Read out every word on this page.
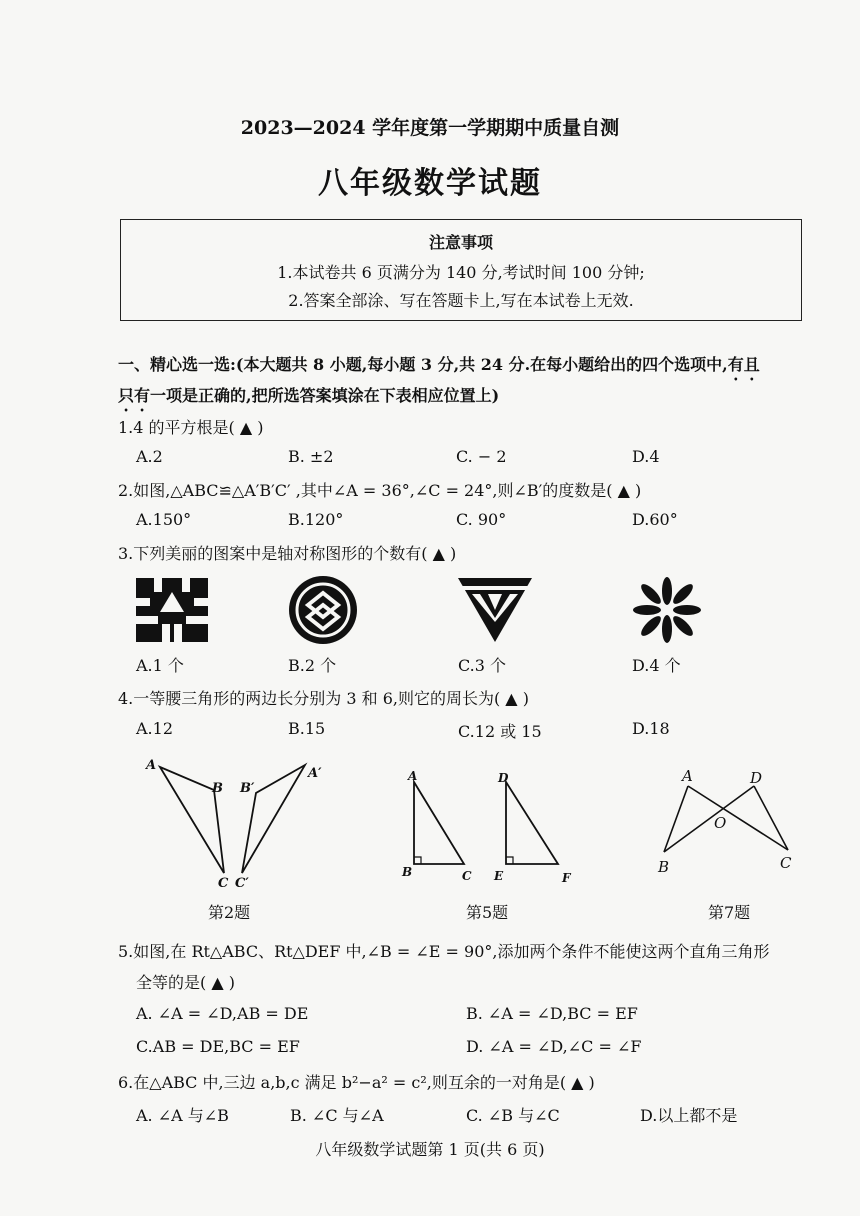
2023—2024 学年度第一学期期中质量自测
八年级数学试题
注意事项
1.本试卷共 6 页满分为 140 分,考试时间 100 分钟;
2.答案全部涂、写在答题卡上,写在本试卷上无效.
一、精心选一选:(本大题共 8 小题,每小题 3 分,共 24 分.在每小题给出的四个选项中,有且
只有一项是正确的,把所选答案填涂在下表相应位置上)
1.4 的平方根是( ▲ )
A.2	B. ±2	C. − 2	D.4
2.如图,△ABC≌△A′B′C′ ,其中∠A = 36°,∠C = 24°,则∠B′的度数是( ▲ )
A.150°	B.120°	C. 90°	D.60°
3.下列美丽的图案中是轴对称图形的个数有( ▲ )
A.1 个	B.2 个	C.3 个	D.4 个
4.一等腰三角形的两边长分别为 3 和 6,则它的周长为( ▲ )
A.12	B.15	C.12 或 15	D.18
A
B
C
B′
A′
C′
第2题
A
B	C
D
E	F
第5题
A	D
O
B	C
第7题
5.如图,在 Rt△ABC、Rt△DEF 中,∠B = ∠E = 90°,添加两个条件不能使这两个直角三角形
全等的是( ▲ )
A. ∠A = ∠D,AB = DE	B. ∠A = ∠D,BC = EF
C.AB = DE,BC = EF	D. ∠A = ∠D,∠C = ∠F
6.在△ABC 中,三边 a,b,c 满足 b²−a² = c²,则互余的一对角是( ▲ )
A. ∠A 与∠B	B. ∠C 与∠A	C. ∠B 与∠C	D.以上都不是
八年级数学试题第 1 页(共 6 页)
